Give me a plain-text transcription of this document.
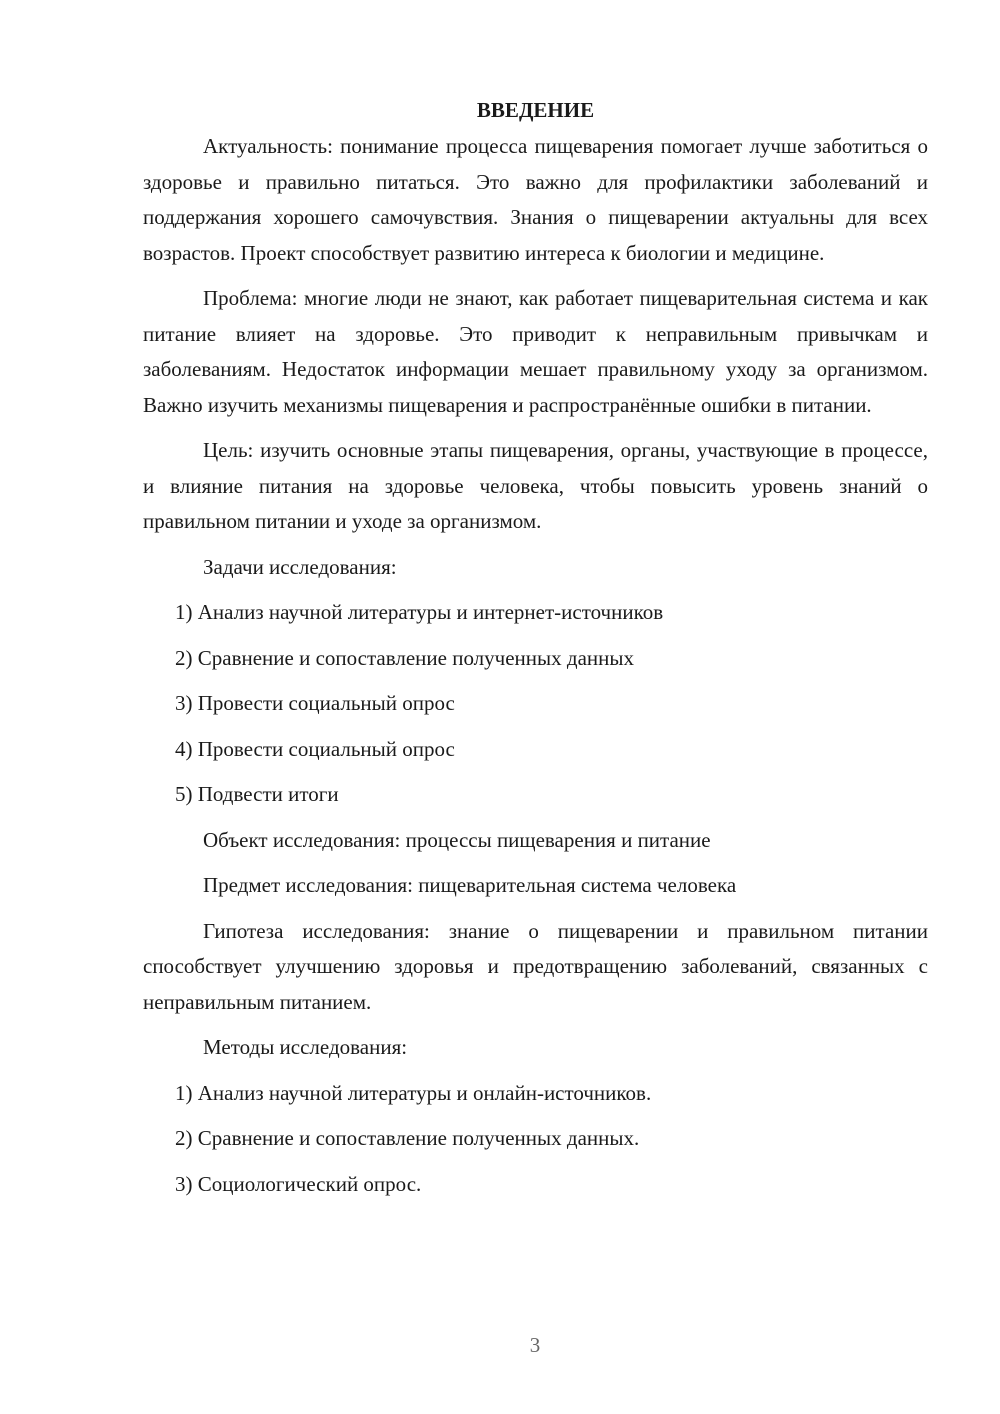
ВВЕДЕНИЕ

Актуальность: понимание процесса пищеварения помогает лучше заботиться о здоровье и правильно питаться. Это важно для профилактики заболеваний и поддержания хорошего самочувствия. Знания о пищеварении актуальны для всех возрастов. Проект способствует развитию интереса к биологии и медицине.

Проблема: многие люди не знают, как работает пищеварительная система и как питание влияет на здоровье. Это приводит к неправильным привычкам и заболеваниям. Недостаток информации мешает правильному уходу за организмом. Важно изучить механизмы пищеварения и распространённые ошибки в питании.

Цель: изучить основные этапы пищеварения, органы, участвующие в процессе, и влияние питания на здоровье человека, чтобы повысить уровень знаний о правильном питании и уходе за организмом.

Задачи исследования:
1) Анализ научной литературы и интернет-источников
2) Сравнение и сопоставление полученных данных
3) Провести социальный опрос
4) Провести социальный опрос
5) Подвести итоги
Объект исследования: процессы пищеварения и питание
Предмет исследования: пищеварительная система человека

Гипотеза исследования: знание о пищеварении и правильном питании способствует улучшению здоровья и предотвращению заболеваний, связанных с неправильным питанием.

Методы исследования:
1) Анализ научной литературы и онлайн-источников.
2) Сравнение и сопоставление полученных данных.
3) Социологический опрос.
3
